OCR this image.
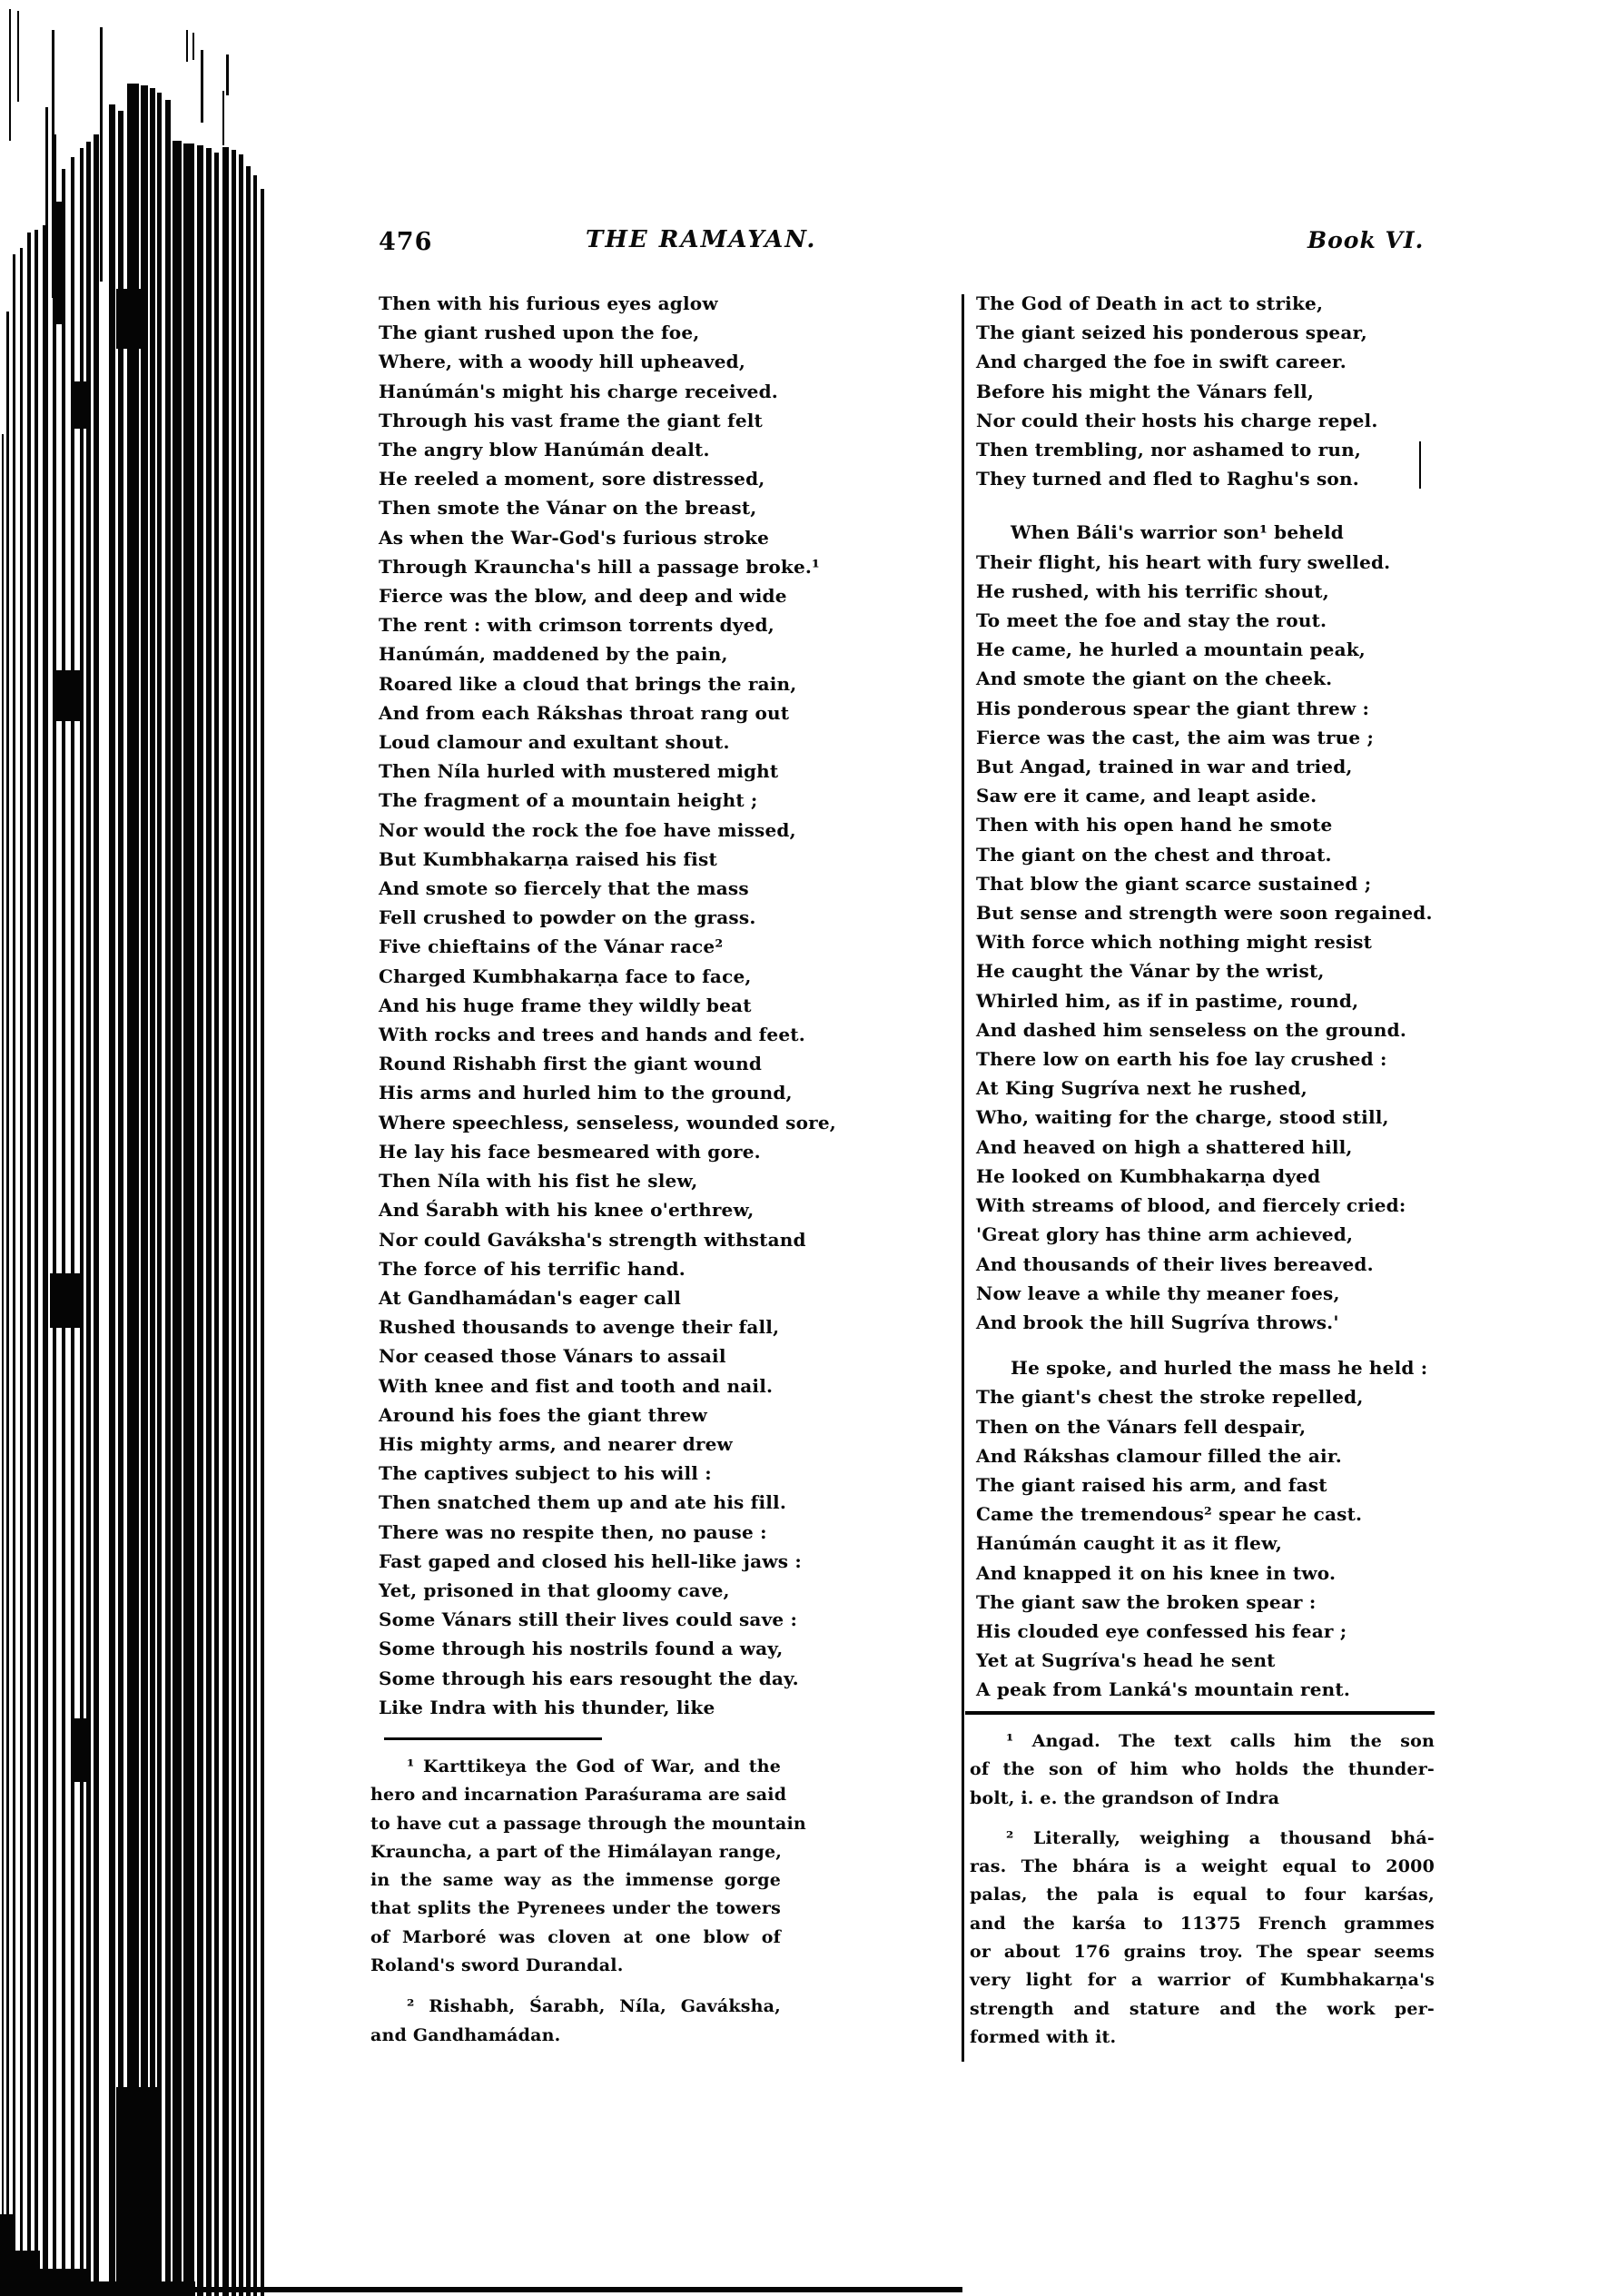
476	THE RAMAYAN.	Book VI.
Then with his furious eyes aglow
The giant rushed upon the foe,
Where, with a woody hill upheaved,
Hanúmán's might his charge received.
Through his vast frame the giant felt
The angry blow Hanúmán dealt.
He reeled a moment, sore distressed,
Then smote the Vánar on the breast,
As when the War-God's furious stroke
Through Krauncha's hill a passage broke.¹
Fierce was the blow, and deep and wide
The rent : with crimson torrents dyed,
Hanúmán, maddened by the pain,
Roared like a cloud that brings the rain,
And from each Rákshas throat rang out
Loud clamour and exultant shout.
Then Níla hurled with mustered might
The fragment of a mountain height ;
Nor would the rock the foe have missed,
But Kumbhakarṇa raised his fist
And smote so fiercely that the mass
Fell crushed to powder on the grass.
Five chieftains of the Vánar race²
Charged Kumbhakarṇa face to face,
And his huge frame they wildly beat
With rocks and trees and hands and feet.
Round Rishabh first the giant wound
His arms and hurled him to the ground,
Where speechless, senseless, wounded sore,
He lay his face besmeared with gore.
Then Níla with his fist he slew,
And Śarabh with his knee o'erthrew,
Nor could Gaváksha's strength withstand
The force of his terrific hand.
At Gandhamádan's eager call
Rushed thousands to avenge their fall,
Nor ceased those Vánars to assail
With knee and fist and tooth and nail.
Around his foes the giant threw
His mighty arms, and nearer drew
The captives subject to his will :
Then snatched them up and ate his fill.
There was no respite then, no pause :
Fast gaped and closed his hell-like jaws :
Yet, prisoned in that gloomy cave,
Some Vánars still their lives could save :
Some through his nostrils found a way,
Some through his ears resought the day.
Like Indra with his thunder, like
The God of Death in act to strike,
The giant seized his ponderous spear,
And charged the foe in swift career.
Before his might the Vánars fell,
Nor could their hosts his charge repel.
Then trembling, nor ashamed to run,
They turned and fled to Raghu's son.
When Báli's warrior son¹ beheld
Their flight, his heart with fury swelled.
He rushed, with his terrific shout,
To meet the foe and stay the rout.
He came, he hurled a mountain peak,
And smote the giant on the cheek.
His ponderous spear the giant threw :
Fierce was the cast, the aim was true ;
But Angad, trained in war and tried,
Saw ere it came, and leapt aside.
Then with his open hand he smote
The giant on the chest and throat.
That blow the giant scarce sustained ;
But sense and strength were soon regained.
With force which nothing might resist
He caught the Vánar by the wrist,
Whirled him, as if in pastime, round,
And dashed him senseless on the ground.
There low on earth his foe lay crushed :
At King Sugríva next he rushed,
Who, waiting for the charge, stood still,
And heaved on high a shattered hill,
He looked on Kumbhakarṇa dyed
With streams of blood, and fiercely cried:
'Great glory has thine arm achieved,
And thousands of their lives bereaved.
Now leave a while thy meaner foes,
And brook the hill Sugríva throws.'
He spoke, and hurled the mass he held :
The giant's chest the stroke repelled,
Then on the Vánars fell despair,
And Rákshas clamour filled the air.
The giant raised his arm, and fast
Came the tremendous² spear he cast.
Hanúmán caught it as it flew,
And knapped it on his knee in two.
The giant saw the broken spear :
His clouded eye confessed his fear ;
Yet at Sugríva's head he sent
A peak from Lanká's mountain rent.
¹ Karttikeya the God of War, and the
hero and incarnation Paraśurama are said
to have cut a passage through the mountain
Krauncha, a part of the Himálayan range,
in the same way as the immense gorge
that splits the Pyrenees under the towers
of Marboré was cloven at one blow of
Roland's sword Durandal.
² Rishabh, Śarabh, Níla, Gaváksha,
and Gandhamádan.
¹ Angad. The text calls him the son
of the son of him who holds the thunder-
bolt, i. e. the grandson of Indra
² Literally, weighing a thousand bhá-
ras. The bhára is a weight equal to 2000
palas, the pala is equal to four karśas,
and the karśa to 11375 French grammes
or about 176 grains troy. The spear seems
very light for a warrior of Kumbhakarṇa's
strength and stature and the work per-
formed with it.
